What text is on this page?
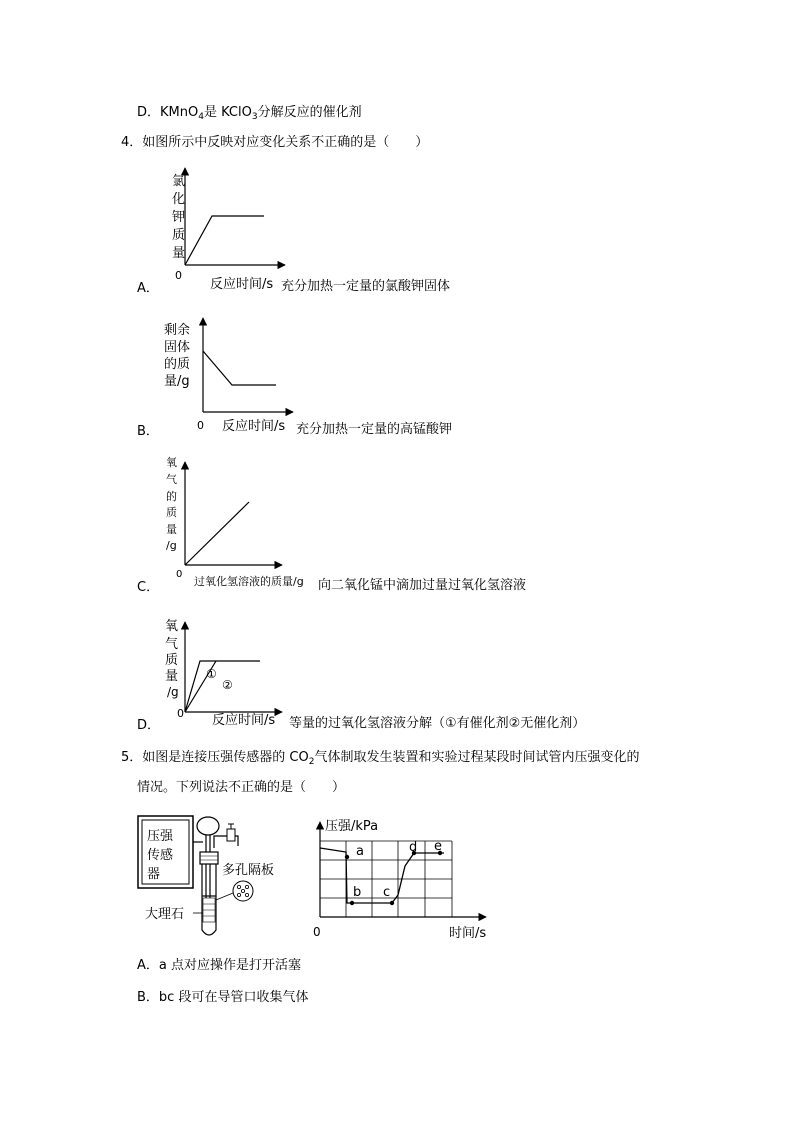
D．KMnO$_4$是 KClO$_3$分解反应的催化剂
4．如图所示中反映对应变化关系不正确的是（　　）
氯
化
钾
质
量
0
反应时间/s
A．	充分加热一定量的氯酸钾固体
剩余
固体
的质
量/g
0 反应时间/s
B．	充分加热一定量的高锰酸钾
氧
气
的
质
量
/g
0
过氧化氢溶液的质量/g
C．	向二氧化锰中滴加过量过氧化氢溶液
①
②
氧
气
质
量
/g
0 反应时间/s
D．	等量的过氧化氢溶液分解（①有催化剂②无催化剂）
5．如图是连接压强传感器的 $CO_2$气体制取发生装置和实验过程某段时间试管内压强变化的
情况。下列说法不正确的是（　　）
压强
传感
器	多孔隔板
大理石
a
b c
d e
压强/kPa
0	时间/s
A．a 点对应操作是打开活塞
B．bc 段可在导管口收集气体
